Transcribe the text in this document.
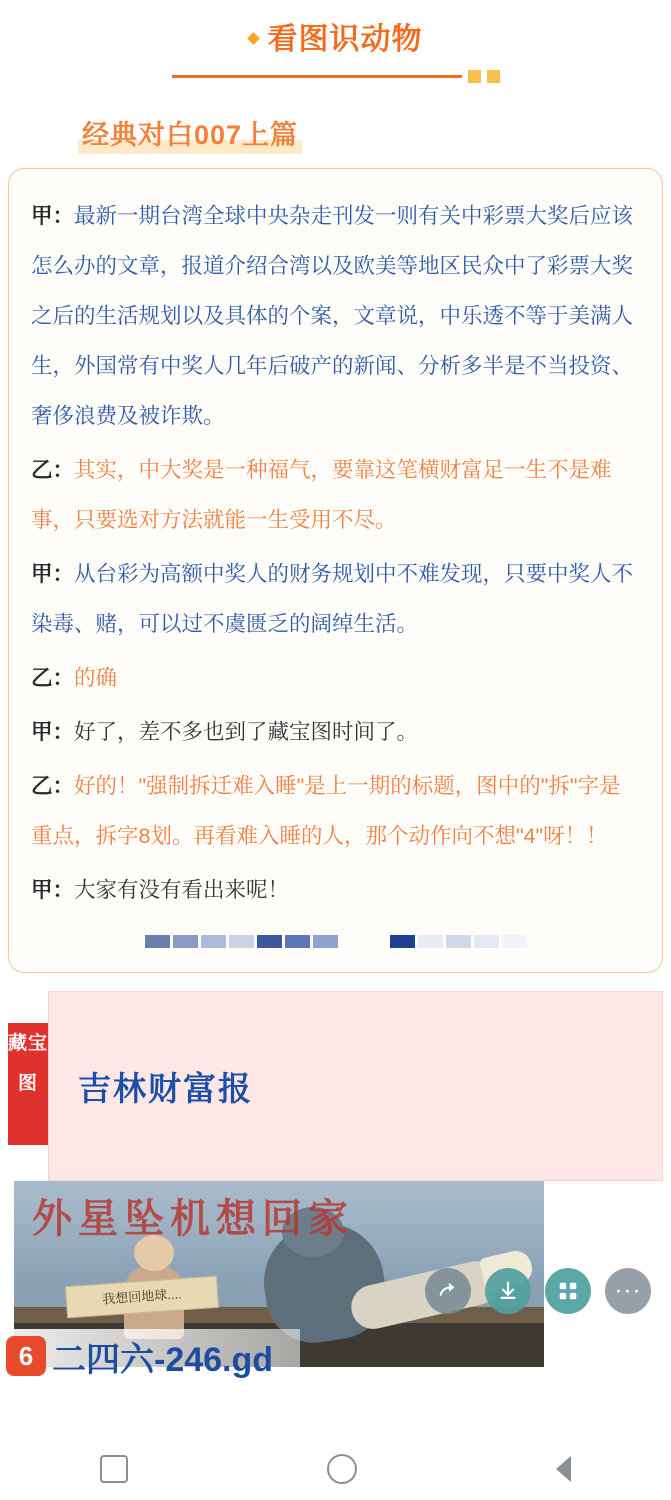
看图识动物
经典对白007上篇

甲：最新一期台湾全球中央杂走刊发一则有关中彩票大奖后应该怎么办的文章，报道介绍合湾以及欧美等地区民众中了彩票大奖之后的生活规划以及具体的个案，文章说，中乐透不等于美满人生，外国常有中奖人几年后破产的新闻、分析多半是不当投资、奢侈浪费及被诈欺。

乙：其实，中大奖是一种福气，要靠这笔横财富足一生不是难事，只要选对方法就能一生受用不尽。

甲：从台彩为高额中奖人的财务规划中不难发现，只要中奖人不染毒、赌，可以过不虞匮乏的阔绰生活。

乙：的确

甲：好了，差不多也到了藏宝图时间了。

乙：好的！"强制拆迁难入睡"是上一期的标题，图中的"拆"字是重点，拆字8划。再看难入睡的人，那个动作向不想"4"呀！！

甲：大家有没有看出来呢！

藏宝图	吉林财富报
我想回地球....
外星坠机想回家
···
6 二四六-246.gd
